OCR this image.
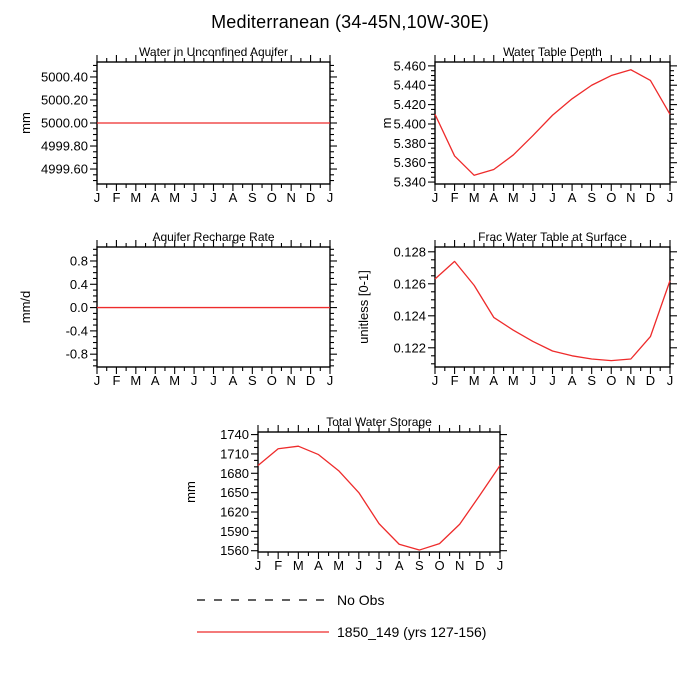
Mediterranean (34-45N,10W-30E)
J F M A M J J A S O N D J
4999.60
4999.80
5000.00
5000.20
5000.40
Water in Unconfined Aquifer
mm
J F M A M J J A S O N D J
5.340
5.360
5.380
5.400
5.420
5.440
5.460
Water Table Depth
m
J F M A M J J A S O N D J
-0.8
-0.4
0.0
0.4
0.8
Aquifer Recharge Rate
mm/d
J F M A M J J A S O N D J
0.122
0.124
0.126
0.128
Frac Water Table at Surface
unitless [0-1]
J F M A M J J A S O N D J
1560
1590
1620
1650
1680
1710
1740
Total Water Storage
mm
No Obs
1850_149 (yrs 127-156)
